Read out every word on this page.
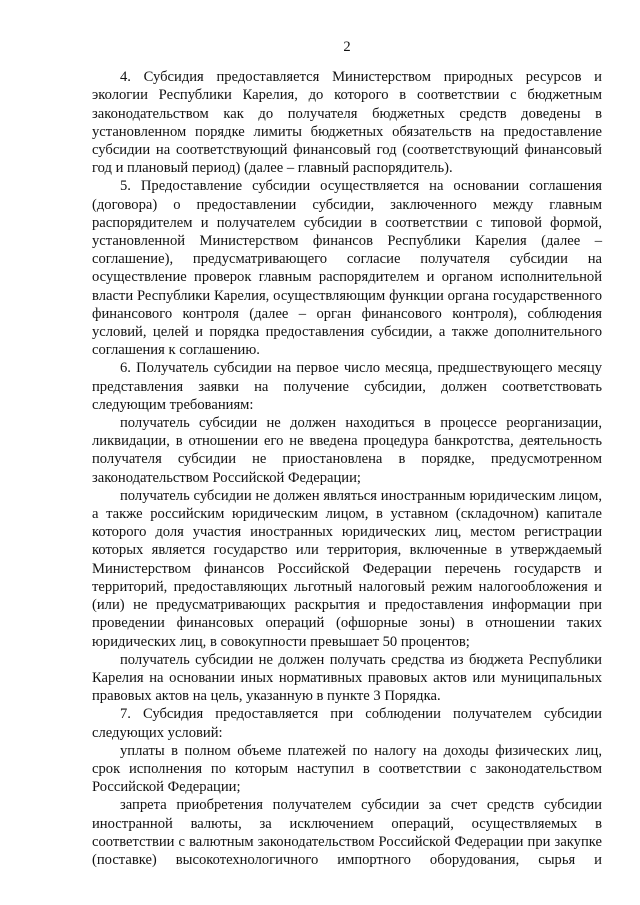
2

4. Субсидия предоставляется Министерством природных ресурсов и экологии Республики Карелия, до которого в соответствии с бюджетным законодательством как до получателя бюджетных средств доведены в установленном порядке лимиты бюджетных обязательств на предоставление субсидии на соответствующий финансовый год (соответствующий финансовый год и плановый период) (далее – главный распорядитель).

5. Предоставление субсидии осуществляется на основании соглашения (договора) о предоставлении субсидии, заключенного между главным распорядителем и получателем субсидии в соответствии с типовой формой, установленной Министерством финансов Республики Карелия (далее – соглашение), предусматривающего согласие получателя субсидии на осуществление проверок главным распорядителем и органом исполнительной власти Республики Карелия, осуществляющим функции органа государственного финансового контроля (далее – орган финансового контроля), соблюдения условий, целей и порядка предоставления субсидии, а также дополнительного соглашения к соглашению.

6. Получатель субсидии на первое число месяца, предшествующего месяцу представления заявки на получение субсидии, должен соответствовать следующим требованиям:

получатель субсидии не должен находиться в процессе реорганизации, ликвидации, в отношении его не введена процедура банкротства, деятельность получателя субсидии не приостановлена в порядке, предусмотренном законодательством Российской Федерации;

получатель субсидии не должен являться иностранным юридическим лицом, а также российским юридическим лицом, в уставном (складочном) капитале которого доля участия иностранных юридических лиц, местом регистрации которых является государство или территория, включенные в утверждаемый Министерством финансов Российской Федерации перечень государств и территорий, предоставляющих льготный налоговый режим налогообложения и (или) не предусматривающих раскрытия и предоставления информации при проведении финансовых операций (офшорные зоны) в отношении таких юридических лиц, в совокупности превышает 50 процентов;

получатель субсидии не должен получать средства из бюджета Республики Карелия на основании иных нормативных правовых актов или муниципальных правовых актов на цель, указанную в пункте 3 Порядка.

7. Субсидия предоставляется при соблюдении получателем субсидии следующих условий:

уплаты в полном объеме платежей по налогу на доходы физических лиц, срок исполнения по которым наступил в соответствии с законодательством Российской Федерации;

запрета приобретения получателем субсидии за счет средств субсидии иностранной валюты, за исключением операций, осуществляемых в соответствии с валютным законодательством Российской Федерации при закупке (поставке) высокотехнологичного импортного оборудования, сырья и
